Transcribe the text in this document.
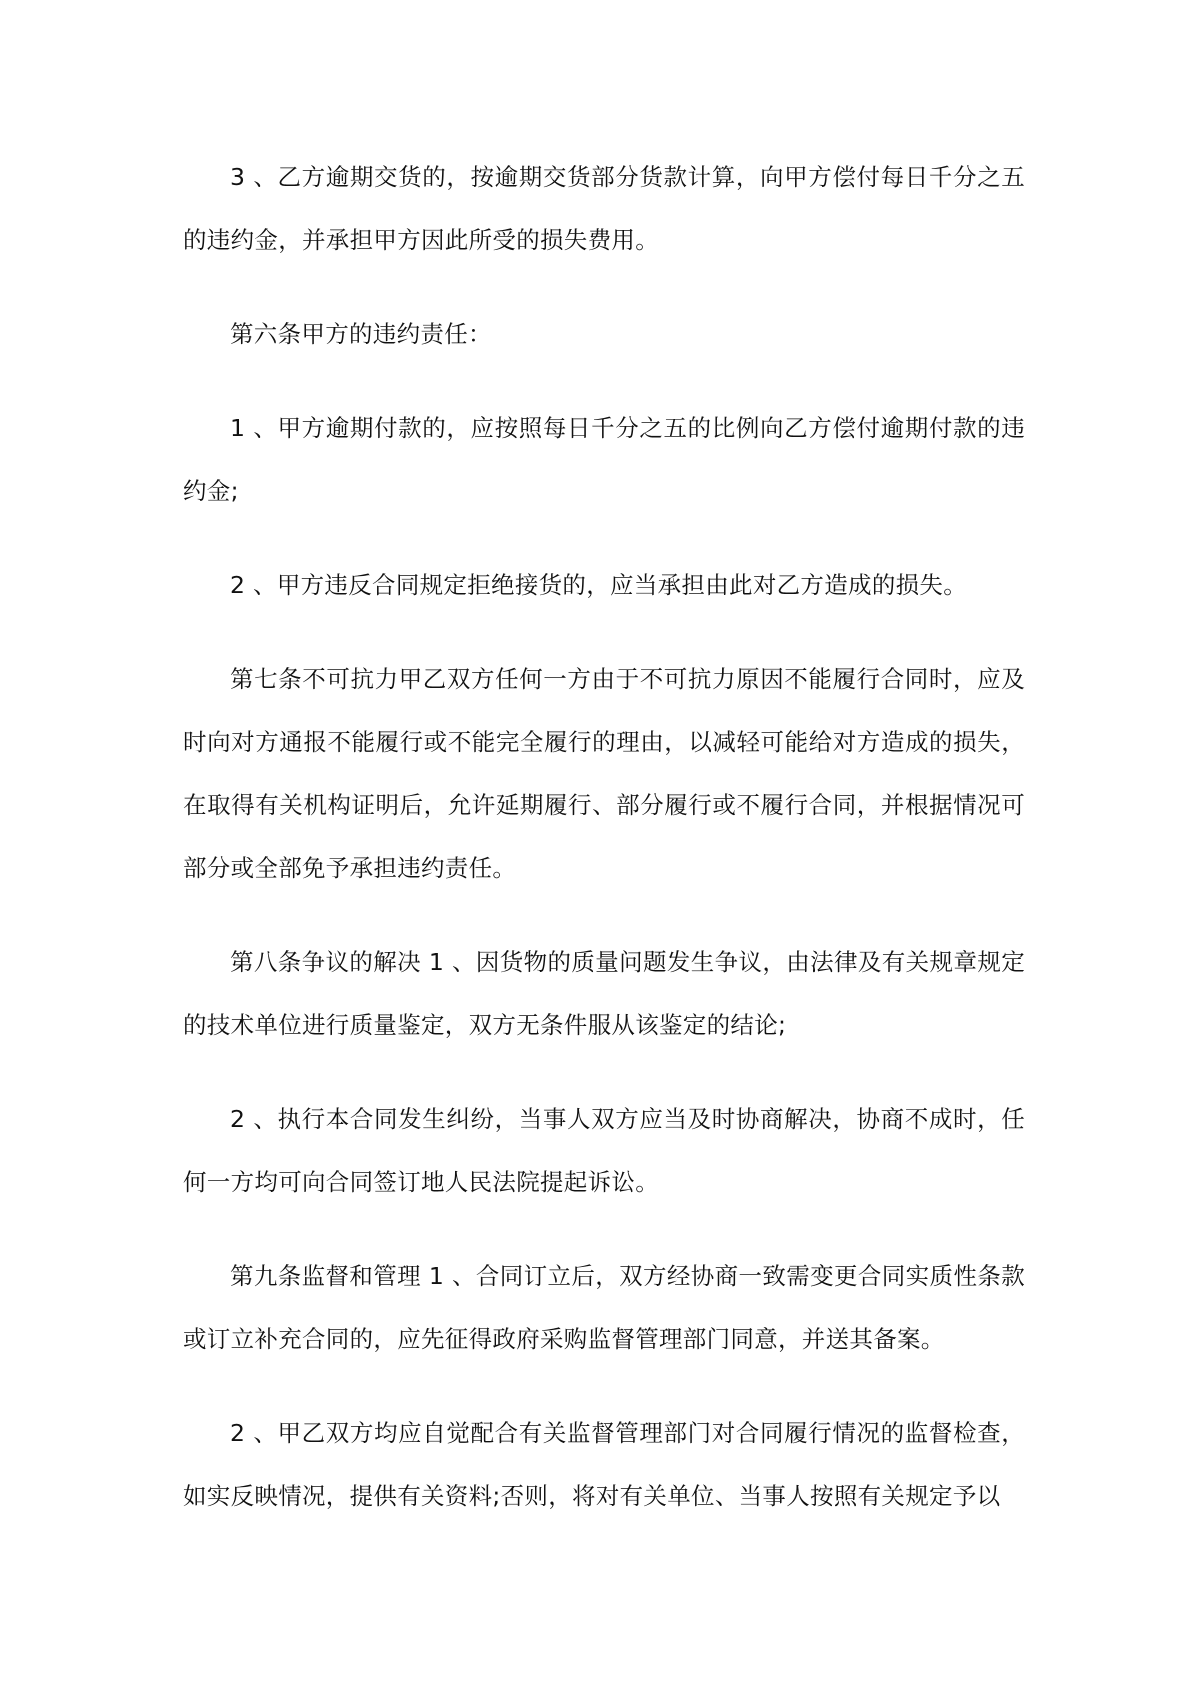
3 、乙方逾期交货的，按逾期交货部分货款计算，向甲方偿付每日千分之五的违约金，并承担甲方因此所受的损失费用。

第六条甲方的违约责任：

1 、甲方逾期付款的，应按照每日千分之五的比例向乙方偿付逾期付款的违约金;

2 、甲方违反合同规定拒绝接货的，应当承担由此对乙方造成的损失。

第七条不可抗力甲乙双方任何一方由于不可抗力原因不能履行合同时，应及时向对方通报不能履行或不能完全履行的理由，以减轻可能给对方造成的损失，在取得有关机构证明后，允许延期履行、部分履行或不履行合同，并根据情况可部分或全部免予承担违约责任。

第八条争议的解决 1 、因货物的质量问题发生争议，由法律及有关规章规定的技术单位进行质量鉴定，双方无条件服从该鉴定的结论;

2 、执行本合同发生纠纷，当事人双方应当及时协商解决，协商不成时，任何一方均可向合同签订地人民法院提起诉讼。

第九条监督和管理 1 、合同订立后，双方经协商一致需变更合同实质性条款或订立补充合同的，应先征得政府采购监督管理部门同意，并送其备案。

2 、甲乙双方均应自觉配合有关监督管理部门对合同履行情况的监督检查，如实反映情况，提供有关资料;否则，将对有关单位、当事人按照有关规定予以
